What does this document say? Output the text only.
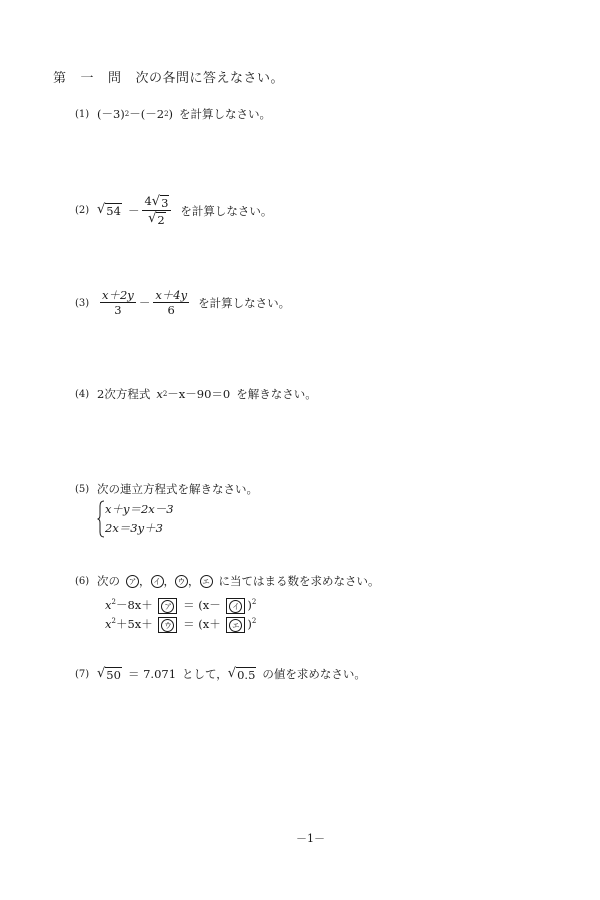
第 一 問 次の各問に答えなさい。
(1) (－3) 2 －(－2 2 ) を計算しなさい。
(2) √ $54 - \frac{4 √ 3}{√ 2}$ を計算しなさい。
$(3) \frac{x+2y}{3} - \frac{x+4y}{6}$ を計算しなさい。
(4) 2次方程式 x 2 －x－90＝0 を解きなさい。
(5) 次の連立方程式を解きなさい。
x＋y＝2x－3
2x＝3y＋3
(6) 次の	ア ， イ ， ウ ， エ に当てはまる数を求めなさい。
$x^2-8x+$ ア ＝ (x－ イ )$^2$
$x^2+5x+$ ウ ＝ (x＋ エ )$^2$
(7) √ 50 ＝ 7.071 として， √ 0.5 の値を求めなさい。
－1－
